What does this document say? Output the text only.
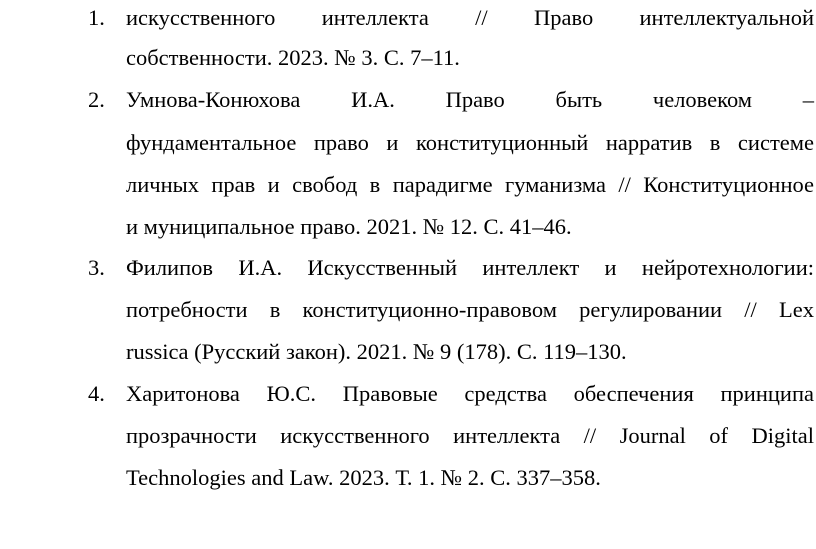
1. искусственного интеллекта // Право интеллектуальной
собственности. 2023. № 3. С. 7–11.
2. Умнова-Конюхова И.А. Право быть человеком –
фундаментальное право и конституционный нарратив в системе
личных прав и свобод в парадигме гуманизма // Конституционное
и муниципальное право. 2021. № 12. С. 41–46.
3. Филипов И.А. Искусственный интеллект и нейротехнологии:
потребности в конституционно-правовом регулировании // Lex
russica (Русский закон). 2021. № 9 (178). С. 119–130.
4. Харитонова Ю.С. Правовые средства обеспечения принципа
прозрачности искусственного интеллекта // Journal of Digital
Technologies and Law. 2023. Т. 1. № 2. С. 337–358.
